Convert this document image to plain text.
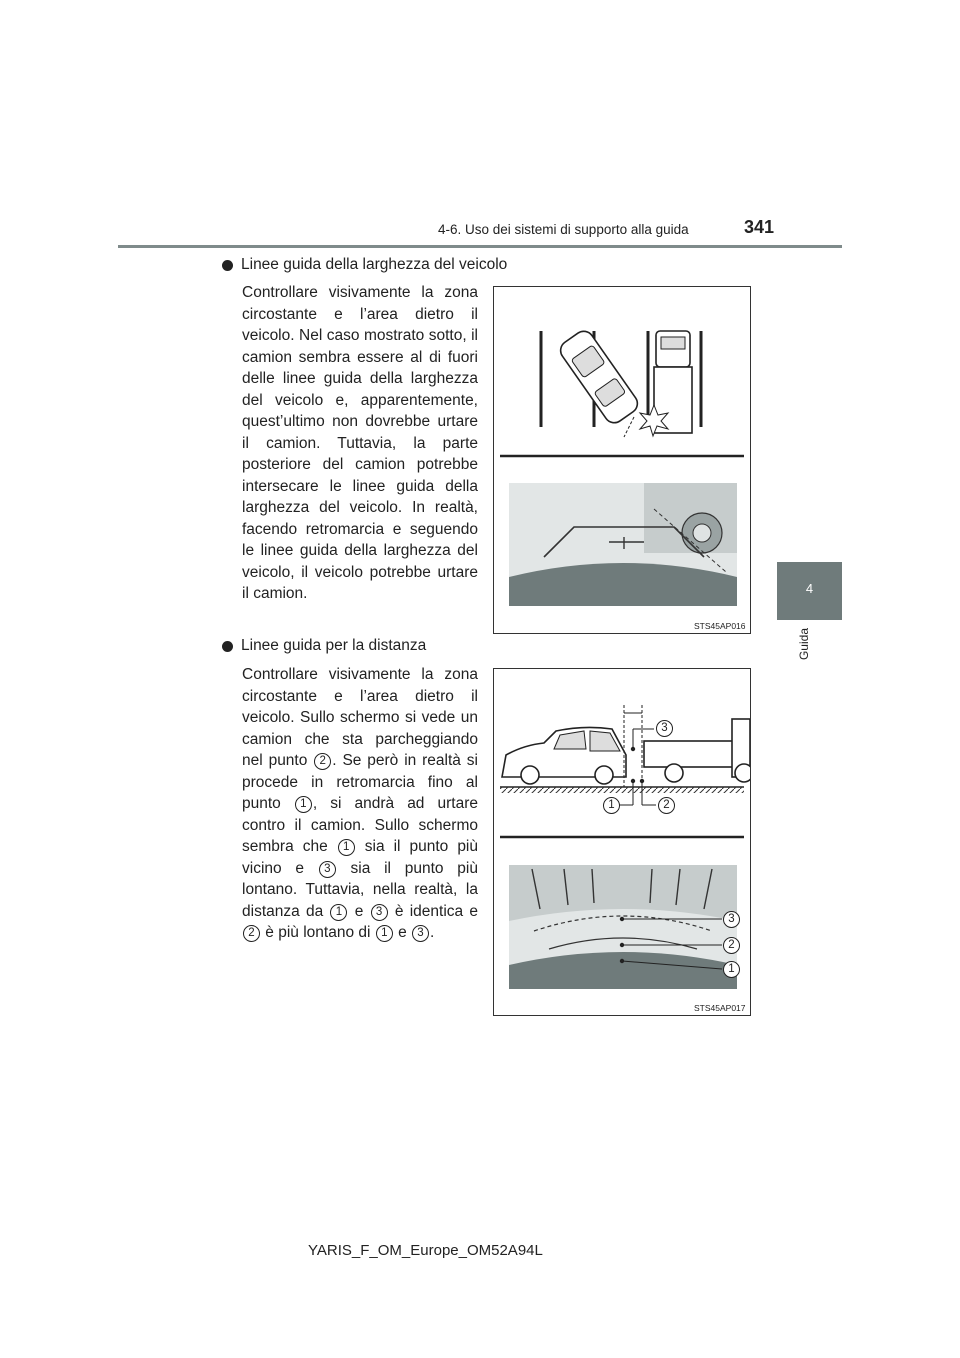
4-6. Uso dei sistemi di supporto alla guida	341
4
Guida
Linee guida della larghezza del veicolo
Controllare visivamente la zona circostante e l’area dietro il veicolo. Nel caso mostrato sotto, il camion sembra essere al di fuori delle linee guida della larghezza del veicolo e, apparentemente, quest’ultimo non dovrebbe urtare il camion. Tuttavia, la parte posteriore del camion potrebbe intersecare le linee guida della larghezza del veicolo. In realtà, facendo retromarcia e seguendo le linee guida della larghezza del veicolo, il veicolo potrebbe urtare il camion.
STS45AP016
Linee guida per la distanza
Controllare visivamente la zona circostante e l’area dietro il veicolo. Sullo schermo si vede un camion che sta parcheggiando nel punto 2 . Se però in realtà si procede in retromarcia fino al punto 1 , si andrà ad urtare contro il camion. Sullo schermo sembra che 1 sia il punto più vicino e 3 sia il punto più lontano. Tuttavia, nella realtà, la distanza da 1 e 3 è identica e 2 è più lontano di 1 e 3 .
3
1	2
3
2
1
STS45AP017
YARIS_F_OM_Europe_OM52A94L
